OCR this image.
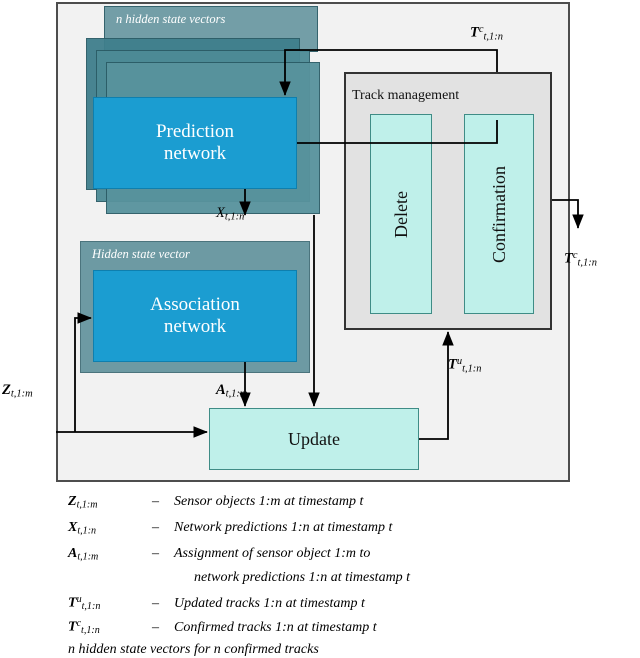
n hidden state vectors
Prediction
network
Hidden state vector
Association
network
Track management
Delete	Confirmation
Update
$X_{t,1:n}$
$A_{t,1:m}$
$Z_{t,1:m}$
$T^u_{t,1:n}$
$T^c_{t,1:n}$
$T^c_{t,1:n}$
$Z_{t,1:m}$	– Sensor objects 1:m at timestamp t
$X_{t,1:n}$	– Network predictions 1:n at timestamp t
$A_{t,1:m}$	– Assignment of sensor object 1:m to
network predictions 1:n at timestamp t
$T^u_{t,1:n}$	– Updated tracks 1:n at timestamp t
$T^c_{t,1:n}$	– Confirmed tracks 1:n at timestamp t
n hidden state vectors for n confirmed tracks
